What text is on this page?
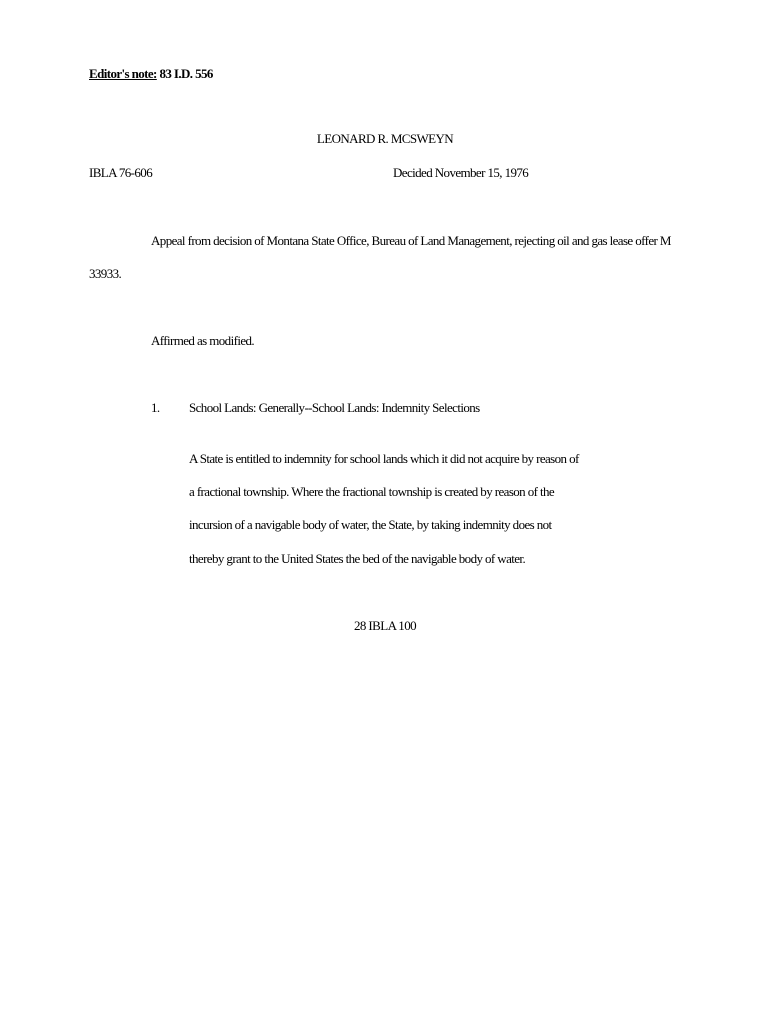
Editor's note: 83 I.D. 556
LEONARD R. MCSWEYN
IBLA 76-606	Decided November 15, 1976
Appeal from decision of Montana State Office, Bureau of Land Management, rejecting oil and gas lease offer M
33933.
Affirmed as modified.
1. School Lands: Generally--School Lands: Indemnity Selections
A State is entitled to indemnity for school lands which it did not acquire by reason of
a fractional township. Where the fractional township is created by reason of the
incursion of a navigable body of water, the State, by taking indemnity does not
thereby grant to the United States the bed of the navigable body of water.
28 IBLA 100
